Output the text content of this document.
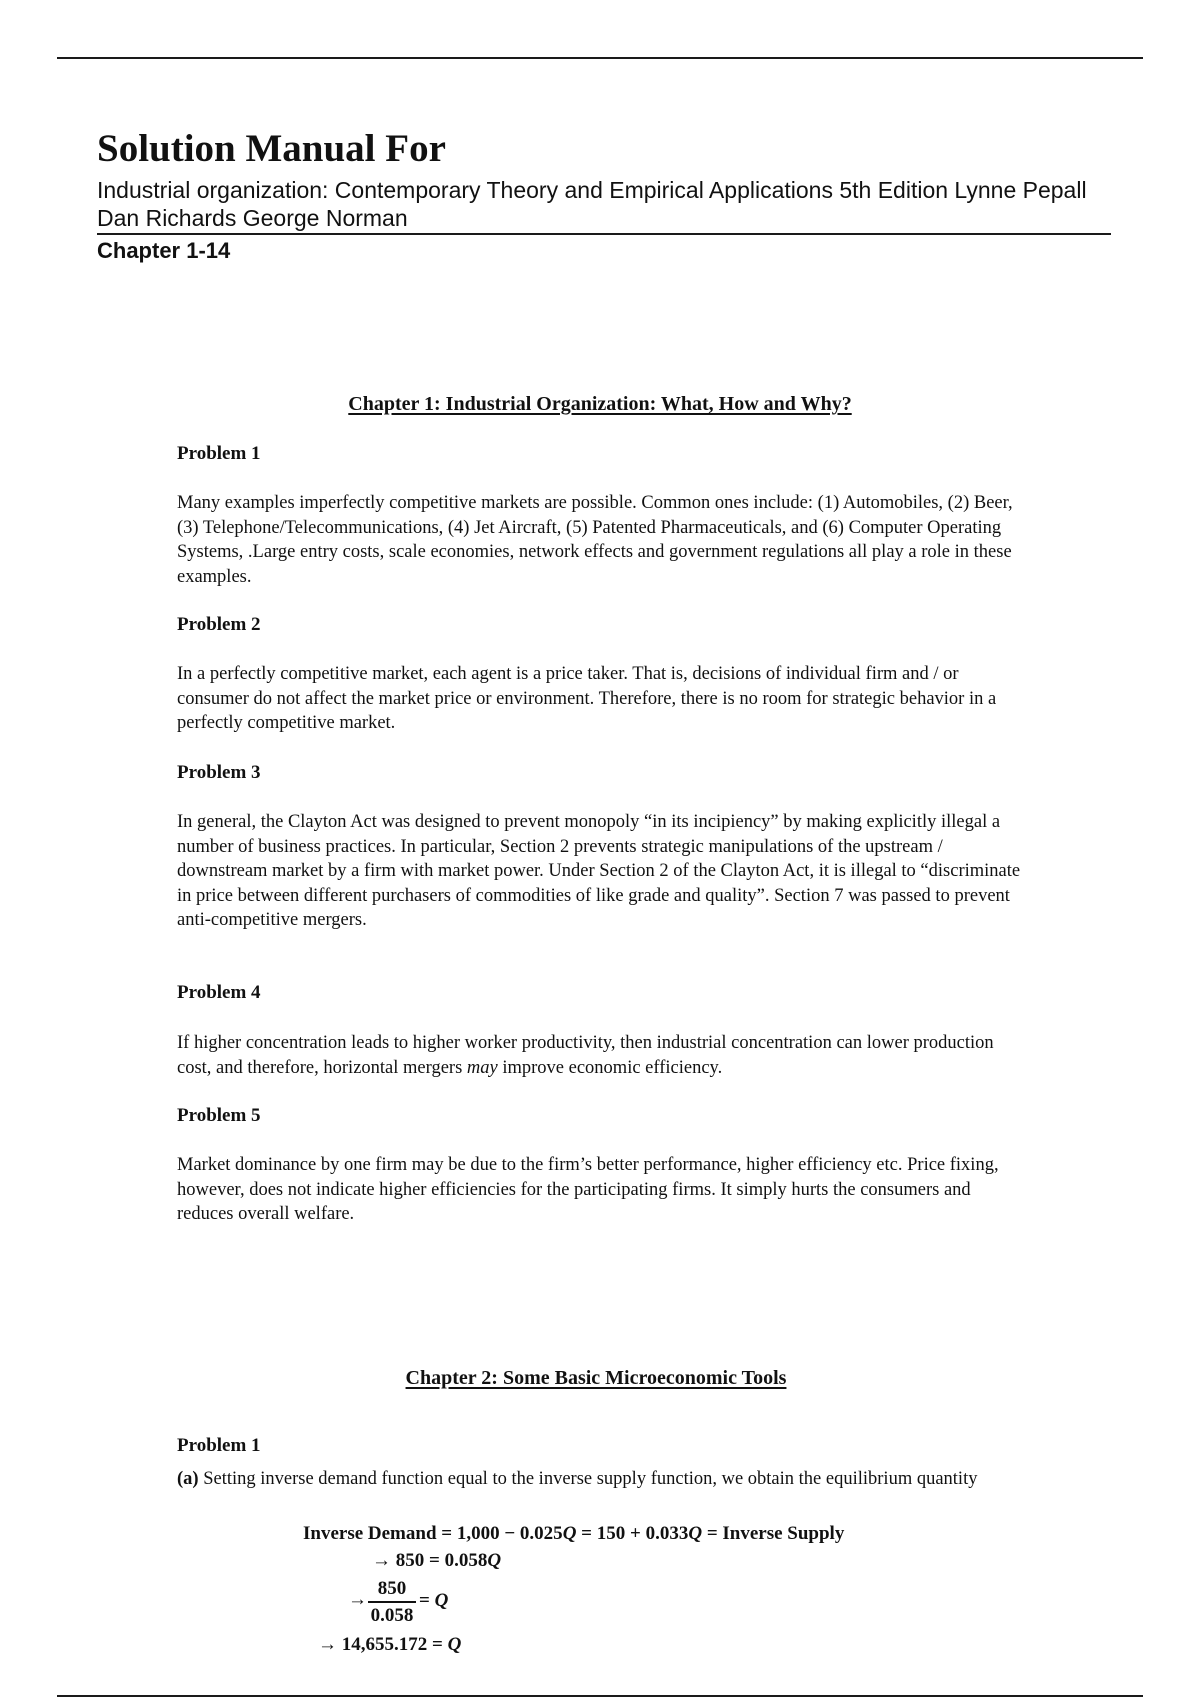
Solution Manual For

Industrial organization: Contemporary Theory and Empirical Applications 5th Edition Lynne Pepall Dan Richards George Norman

Chapter 1-14

Chapter 1: Industrial Organization: What, How and Why?
Problem 1

Many examples imperfectly competitive markets are possible. Common ones include: (1) Automobiles, (2) Beer, (3) Telephone/Telecommunications, (4) Jet Aircraft, (5) Patented Pharmaceuticals, and (6) Computer Operating Systems, .Large entry costs, scale economies, network effects and government regulations all play a role in these examples.

Problem 2

In a perfectly competitive market, each agent is a price taker. That is, decisions of individual firm and / or consumer do not affect the market price or environment. Therefore, there is no room for strategic behavior in a perfectly competitive market.

Problem 3

In general, the Clayton Act was designed to prevent monopoly “in its incipiency” by making explicitly illegal a number of business practices. In particular, Section 2 prevents strategic manipulations of the upstream / downstream market by a firm with market power. Under Section 2 of the Clayton Act, it is illegal to “discriminate in price between different purchasers of commodities of like grade and quality”. Section 7 was passed to prevent anti-competitive mergers.

Problem 4

If higher concentration leads to higher worker productivity, then industrial concentration can lower production cost, and therefore, horizontal mergers may improve economic efficiency.

Problem 5

Market dominance by one firm may be due to the firm’s better performance, higher efficiency etc. Price fixing, however, does not indicate higher efficiencies for the participating firms. It simply hurts the consumers and reduces overall welfare.

Chapter 2: Some Basic Microeconomic Tools
Problem 1

(a) Setting inverse demand function equal to the inverse supply function, we obtain the equilibrium quantity

Inverse Demand = 1,000 − 0.025Q = 150 + 0.033Q = Inverse Supply
→ 850 = 0.058Q
→ $\frac{850}{0.058} = Q$
→ 14,655.172 = Q
